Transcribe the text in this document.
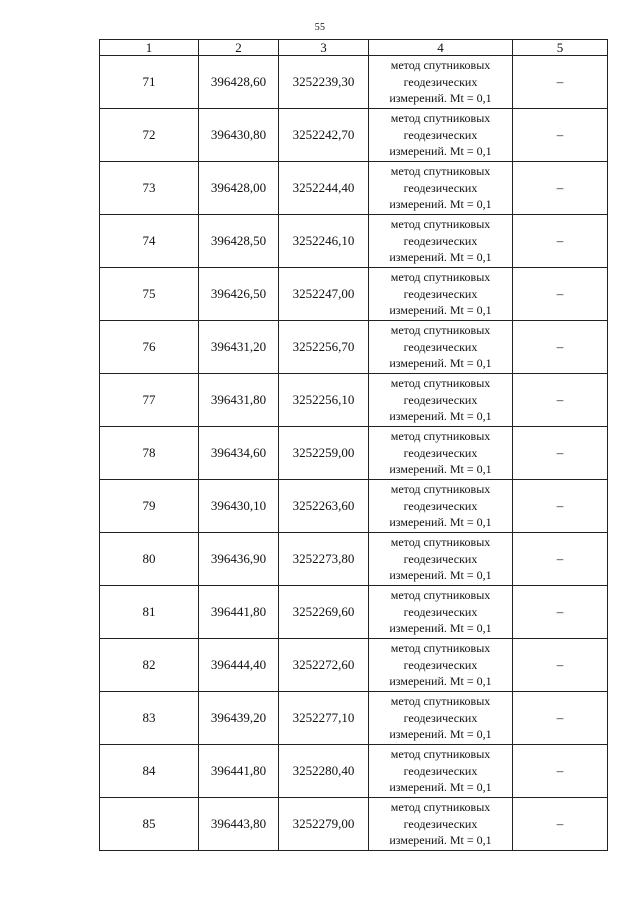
55
1	2	3	4	5
71	396428,60	3252239,30	метод спутниковых
геодезических
измерений. Mt = 0,1	–
72	396430,80	3252242,70	метод спутниковых
геодезических
измерений. Mt = 0,1	–
73	396428,00	3252244,40	метод спутниковых
геодезических
измерений. Mt = 0,1	–
74	396428,50	3252246,10	метод спутниковых
геодезических
измерений. Mt = 0,1	–
75	396426,50	3252247,00	метод спутниковых
геодезических
измерений. Mt = 0,1	–
76	396431,20	3252256,70	метод спутниковых
геодезических
измерений. Mt = 0,1	–
77	396431,80	3252256,10	метод спутниковых
геодезических
измерений. Mt = 0,1	–
78	396434,60	3252259,00	метод спутниковых
геодезических
измерений. Mt = 0,1	–
79	396430,10	3252263,60	метод спутниковых
геодезических
измерений. Mt = 0,1	–
80	396436,90	3252273,80	метод спутниковых
геодезических
измерений. Mt = 0,1	–
81	396441,80	3252269,60	метод спутниковых
геодезических
измерений. Mt = 0,1	–
82	396444,40	3252272,60	метод спутниковых
геодезических
измерений. Mt = 0,1	–
83	396439,20	3252277,10	метод спутниковых
геодезических
измерений. Mt = 0,1	–
84	396441,80	3252280,40	метод спутниковых
геодезических
измерений. Mt = 0,1	–
85	396443,80	3252279,00	метод спутниковых
геодезических
измерений. Mt = 0,1	–
